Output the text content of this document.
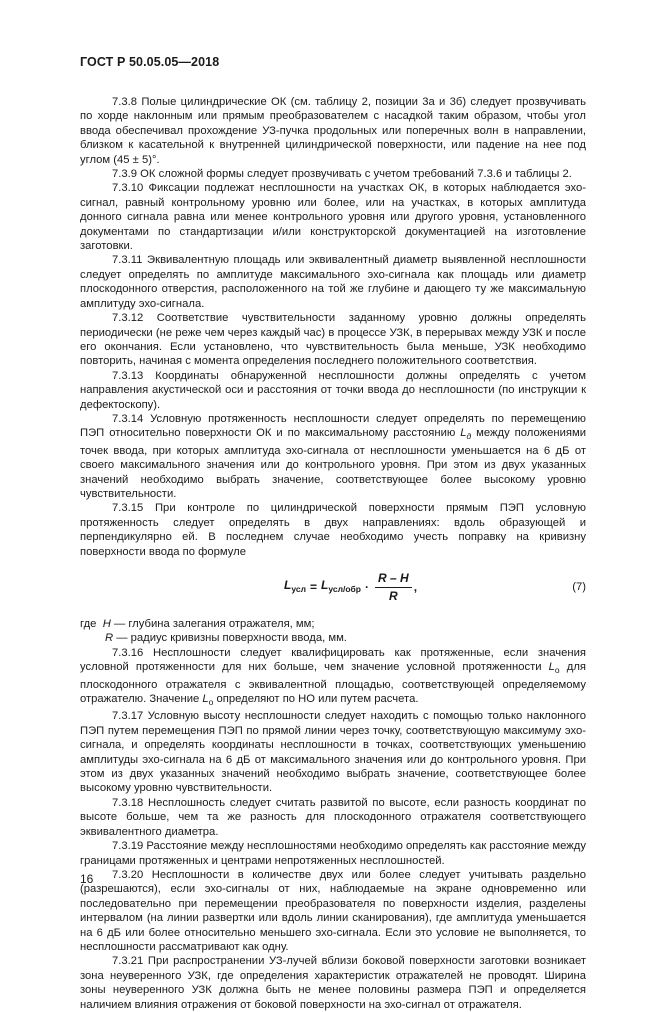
ГОСТ Р 50.05.05—2018

7.3.8 Полые цилиндрические ОК (см. таблицу 2, позиции 3а и 3б) следует прозвучивать по хорде наклонным или прямым преобразователем с насадкой таким образом, чтобы угол ввода обеспечивал прохождение УЗ-пучка продольных или поперечных волн в направлении, близком к касательной к внутренней цилиндрической поверхности, или падение на нее под углом (45 ± 5)°.

7.3.9 ОК сложной формы следует прозвучивать с учетом требований 7.3.6 и таблицы 2.

7.3.10 Фиксации подлежат несплошности на участках ОК, в которых наблюдается эхо-сигнал, равный контрольному уровню или более, или на участках, в которых амплитуда донного сигнала равна или менее контрольного уровня или другого уровня, установленного документами по стандартизации и/или конструкторской документацией на изготовление заготовки.

7.3.11 Эквивалентную площадь или эквивалентный диаметр выявленной несплошности следует определять по амплитуде максимального эхо-сигнала как площадь или диаметр плоскодонного отверстия, расположенного на той же глубине и дающего ту же максимальную амплитуду эхо-сигнала.

7.3.12 Соответствие чувствительности заданному уровню должны определять периодически (не реже чем через каждый час) в процессе УЗК, в перерывах между УЗК и после его окончания. Если установлено, что чувствительность была меньше, УЗК необходимо повторить, начиная с момента определения последнего положительного соответствия.

7.3.13 Координаты обнаруженной несплошности должны определять с учетом направления акустической оси и расстояния от точки ввода до несплошности (по инструкции к дефектоскопу).

7.3.14 Условную протяженность несплошности следует определять по перемещению ПЭП относительно поверхности ОК и по максимальному расстоянию $L_д$ между положениями точек ввода, при которых амплитуда эхо-сигнала от несплошности уменьшается на 6 дБ от своего максимального значения или до контрольного уровня. При этом из двух указанных значений необходимо выбрать значение, соответствующее более высокому уровню чувствительности.

7.3.15 При контроле по цилиндрической поверхности прямым ПЭП условную протяженность следует определять в двух направлениях: вдоль образующей и перпендикулярно ей. В последнем случае необходимо учесть поправку на кривизну поверхности ввода по формуле

$L_{усл} = L_{усл/обр} \cdot \frac{R - H}{R}$ ,	(7)

где H — глубина залегания отражателя, мм;

R — радиус кривизны поверхности ввода, мм.

7.3.16 Несплошности следует квалифицировать как протяженные, если значения условной протяженности для них больше, чем значение условной протяженности $L_о$ для плоскодонного отражателя с эквивалентной площадью, соответствующей определяемому отражателю. Значение $L_о$ определяют по НО или путем расчета.

7.3.17 Условную высоту несплошности следует находить с помощью только наклонного ПЭП путем перемещения ПЭП по прямой линии через точку, соответствующую максимуму эхо-сигнала, и определять координаты несплошности в точках, соответствующих уменьшению амплитуды эхо-сигнала на 6 дБ от максимального значения или до контрольного уровня. При этом из двух указанных значений необходимо выбрать значение, соответствующее более высокому уровню чувствительности.

7.3.18 Несплошность следует считать развитой по высоте, если разность координат по высоте больше, чем та же разность для плоскодонного отражателя соответствующего эквивалентного диаметра.

7.3.19 Расстояние между несплошностями необходимо определять как расстояние между границами протяженных и центрами непротяженных несплошностей.

7.3.20 Несплошности в количестве двух или более следует учитывать раздельно (разрешаются), если эхо-сигналы от них, наблюдаемые на экране одновременно или последовательно при перемещении преобразователя по поверхности изделия, разделены интервалом (на линии развертки или вдоль линии сканирования), где амплитуда уменьшается на 6 дБ или более относительно меньшего эхо-сигнала. Если это условие не выполняется, то несплошности рассматривают как одну.

7.3.21 При распространении УЗ-лучей вблизи боковой поверхности заготовки возникает зона неуверенного УЗК, где определения характеристик отражателей не проводят. Ширина зоны неуверенного УЗК должна быть не менее половины размера ПЭП и определяется наличием влияния отражения от боковой поверхности на эхо-сигнал от отражателя.

16
